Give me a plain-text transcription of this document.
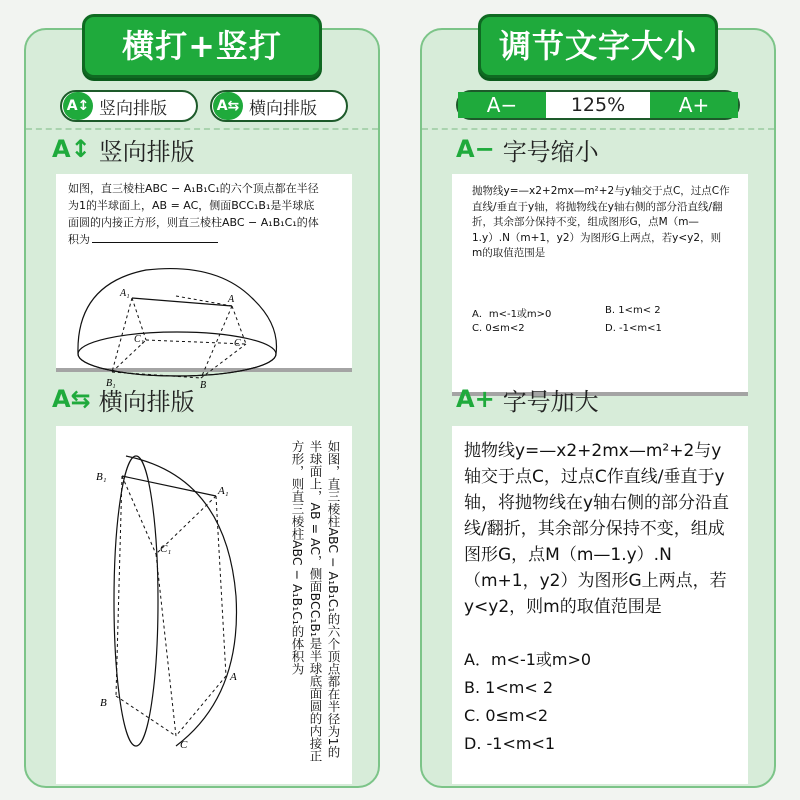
横打+竖打
A↕ 竖向排版	A⇆ 横向排版
A↕ 竖向排版
如图，直三棱柱ABC − A₁B₁C₁的六个顶点都在半径
为1的半球面上，AB = AC，侧面BCC₁B₁是半球底
面圆的内接正方形，则直三棱柱ABC − A₁B₁C₁的体
积为
A₁
A
C₁	C
B₁	B
A⇆ 横向排版
如图，直三棱柱ABC − A₁B₁C₁的六个顶点都在半径为1的半球面上，AB = AC，侧面BCC₁B₁是半球底面圆的内接正方形，则直三棱柱ABC − A₁B₁C₁的体积为
B₁
A₁
C₁
B
A
C
调节文字大小
A−	125%	A+
A− 字号缩小
抛物线y=—x2+2mx—m²+2与y轴交于点C，过点C作直线/垂直于y轴，将抛物线在y轴右侧的部分沿直线/翻折，其余部分保持不变，组成图形G，点M（m—1.y）.N（m+1，y2）为图形G上两点，若y<y2，则m的取值范围是
A．m<-1或m>0	B. 1<m< 2
C. 0≤m<2	D. -1<m<1
A+ 字号加大
抛物线y=—x2+2mx—m²+2与y轴交于点C，过点C作直线/垂直于y轴，将抛物线在y轴右侧的部分沿直线/翻折，其余部分保持不变，组成图形G，点M（m—1.y）.N（m+1，y2）为图形G上两点，若y<y2，则m的取值范围是
A．m<-1或m>0
B. 1<m< 2
C. 0≤m<2
D. -1<m<1
